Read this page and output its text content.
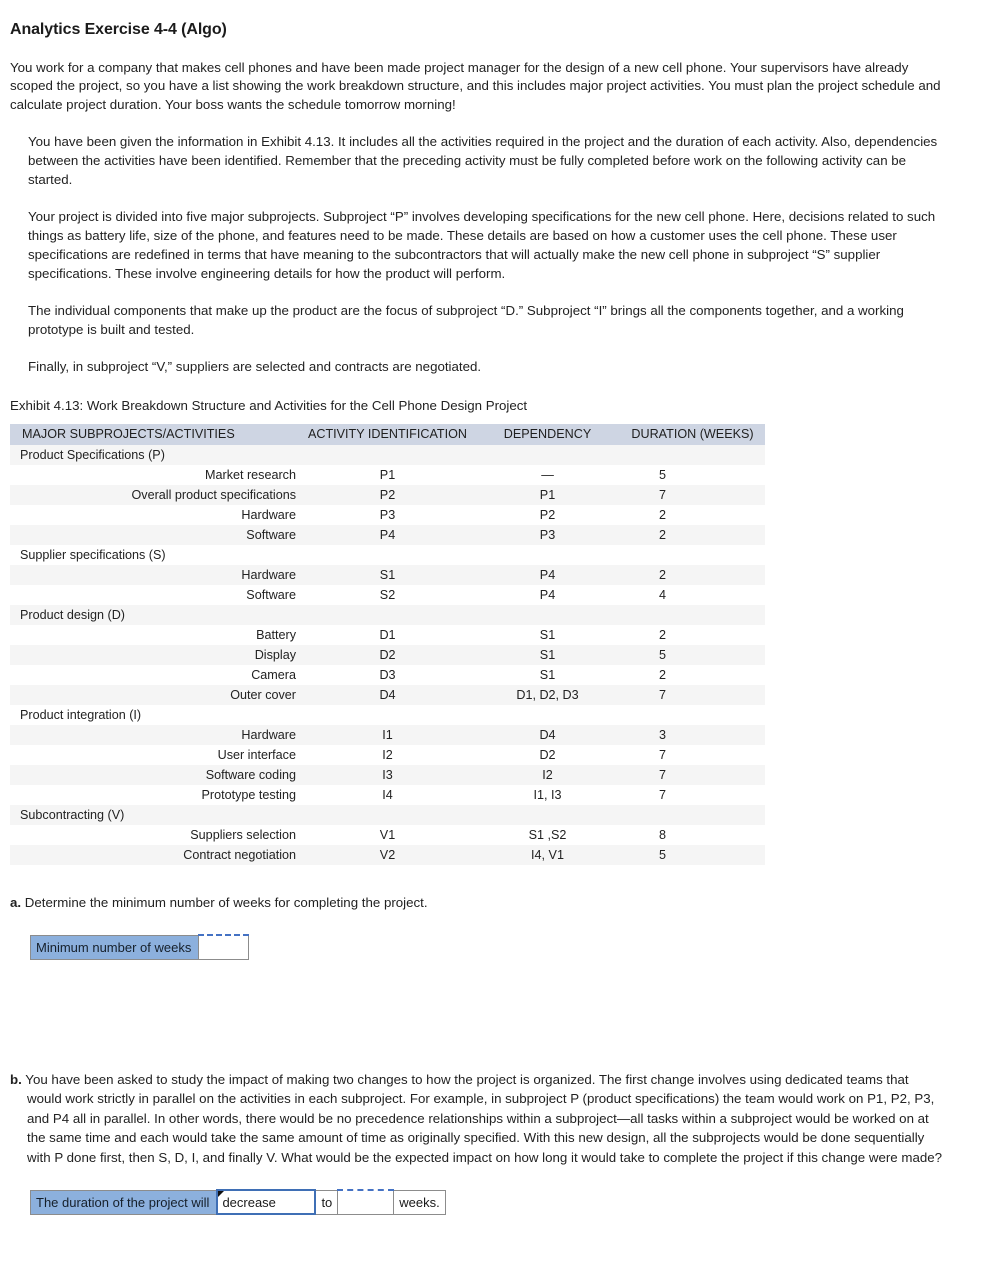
Analytics Exercise 4-4 (Algo)

You work for a company that makes cell phones and have been made project manager for the design of a new cell phone. Your supervisors have already scoped the project, so you have a list showing the work breakdown structure, and this includes major project activities. You must plan the project schedule and calculate project duration. Your boss wants the schedule tomorrow morning!

You have been given the information in Exhibit 4.13. It includes all the activities required in the project and the duration of each activity. Also, dependencies between the activities have been identified. Remember that the preceding activity must be fully completed before work on the following activity can be started.

Your project is divided into five major subprojects. Subproject “P” involves developing specifications for the new cell phone. Here, decisions related to such things as battery life, size of the phone, and features need to be made. These details are based on how a customer uses the cell phone. These user specifications are redefined in terms that have meaning to the subcontractors that will actually make the new cell phone in subproject “S” supplier specifications. These involve engineering details for how the product will perform.

The individual components that make up the product are the focus of subproject “D.” Subproject “I” brings all the components together, and a working prototype is built and tested.

Finally, in subproject “V,” suppliers are selected and contracts are negotiated.

Exhibit 4.13: Work Breakdown Structure and Activities for the Cell Phone Design Project
MAJOR SUBPROJECTS/ACTIVITIES	ACTIVITY IDENTIFICATION	DEPENDENCY	DURATION (WEEKS)
Product Specifications (P)			
Market research	P1	—	5
Overall product specifications	P2	P1	7
Hardware	P3	P2	2
Software	P4	P3	2
Supplier specifications (S)			
Hardware	S1	P4	2
Software	S2	P4	4
Product design (D)			
Battery	D1	S1	2
Display	D2	S1	5
Camera	D3	S1	2
Outer cover	D4	D1, D2, D3	7
Product integration (I)			
Hardware	I1	D4	3
User interface	I2	D2	7
Software coding	I3	I2	7
Prototype testing	I4	I1, I3	7
Subcontracting (V)			
Suppliers selection	V1	S1 ,S2	8
Contract negotiation	V2	I4, V1	5

a. Determine the minimum number of weeks for completing the project.

Minimum number of weeks	

b. You have been asked to study the impact of making two changes to how the project is organized. The first change involves using dedicated teams that would work strictly in parallel on the activities in each subproject. For example, in subproject P (product specifications) the team would work on P1, P2, P3, and P4 all in parallel. In other words, there would be no precedence relationships within a subproject—all tasks within a subproject would be worked on at the same time and each would take the same amount of time as originally specified. With this new design, all the subprojects would be done sequentially with P done first, then S, D, I, and finally V. What would be the expected impact on how long it would take to complete the project if this change were made?

The duration of the project will	decrease	to		weeks.
